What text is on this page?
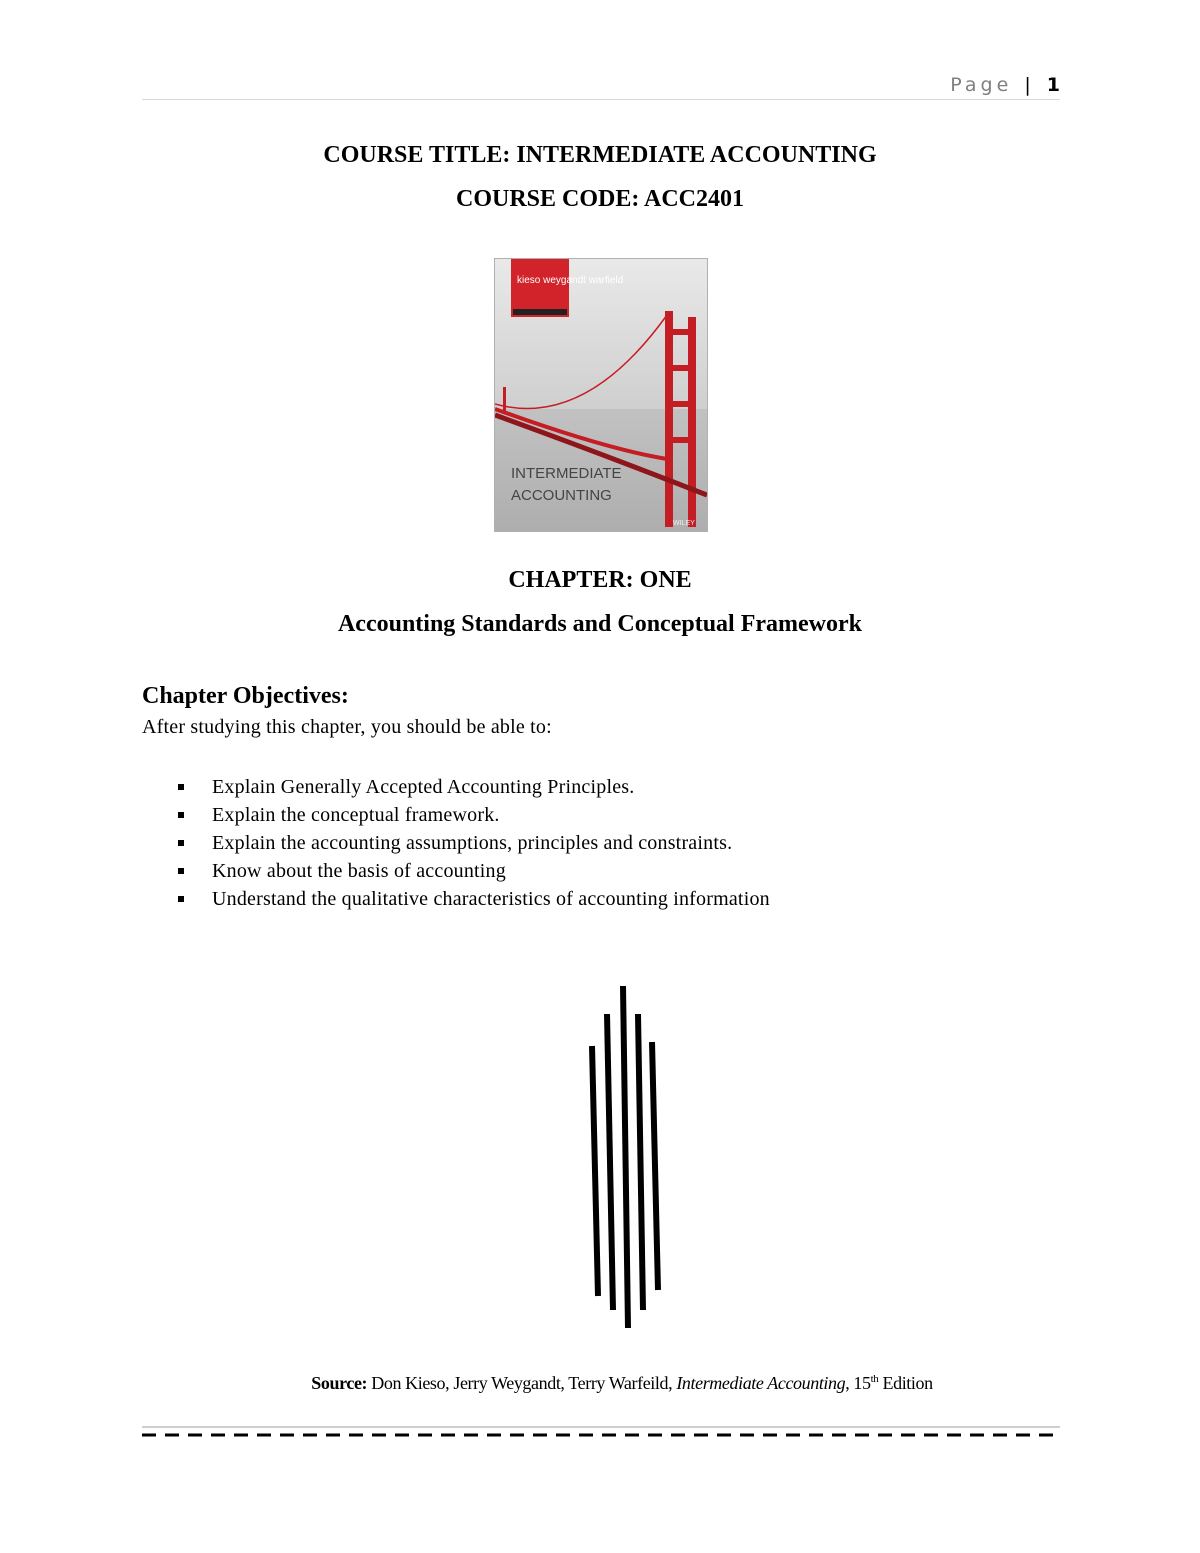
Page | 1
COURSE TITLE: INTERMEDIATE ACCOUNTING
COURSE CODE: ACC2401
kieso weygandt warfield
INTERMEDIATE
ACCOUNTING
WILEY
CHAPTER: ONE
Accounting Standards and Conceptual Framework
Chapter Objectives:
After studying this chapter, you should be able to:
Explain Generally Accepted Accounting Principles.
Explain the conceptual framework.
Explain the accounting assumptions, principles and constraints.
Know about the basis of accounting
Understand the qualitative characteristics of accounting information
Source: Don Kieso, Jerry Weygandt, Terry Warfeild, Intermediate Accounting, 15th Edition
